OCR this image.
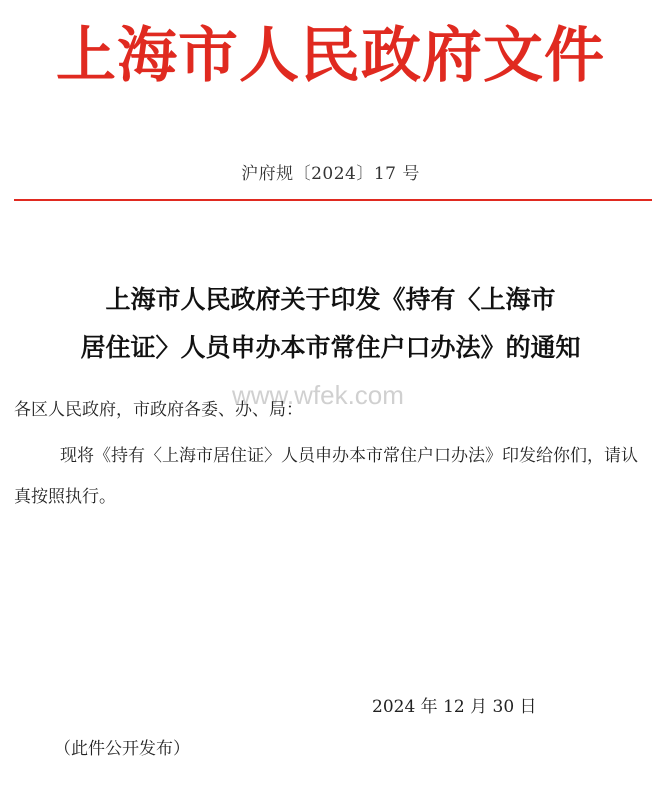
上海市人民政府文件
沪府规〔2024〕17 号
上海市人民政府关于印发《持有〈上海市
居住证〉人员申办本市常住户口办法》的通知
www.wfek.com
各区人民政府，市政府各委、办、局：

现将《持有〈上海市居住证〉人员申办本市常住户口办法》印发给你们，请认真按照执行。

2024 年 12 月 30 日
（此件公开发布）
